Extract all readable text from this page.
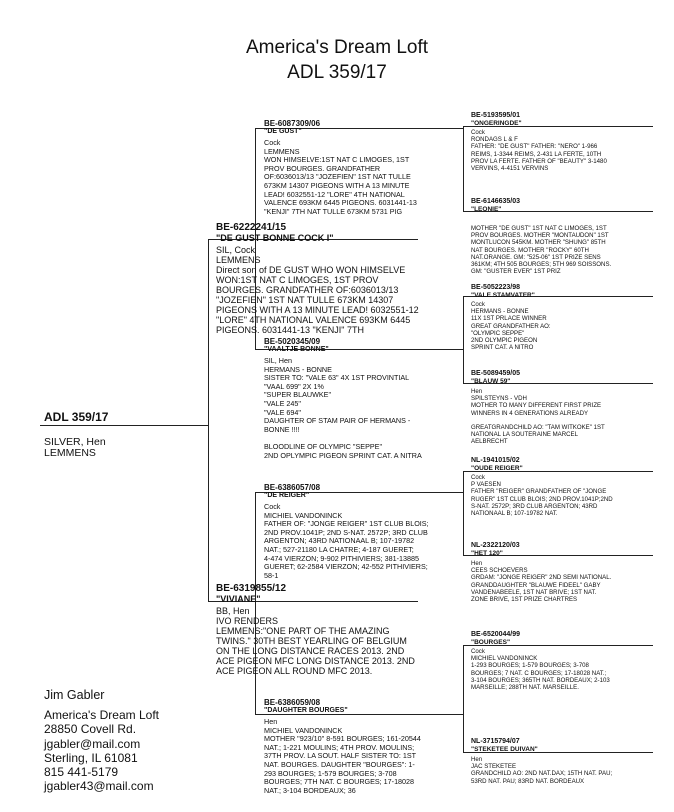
America's Dream Loft
ADL 359/17
ADL 359/17
SILVER, Hen
LEMMENS
BE-6222241/15
"DE GUST BONNE COCK I"
SIL, Cock
LEMMENS
Direct son of DE GUST WHO WON HIMSELVE
WON:1ST NAT C LIMOGES, 1ST PROV
BOURGES. GRANDFATHER OF:6036013/13
"JOZEFIEN" 1ST NAT TULLE 673KM 14307
PIGEONS WITH A 13 MINUTE LEAD! 6032551-12
"LORE" 4TH NATIONAL VALENCE 693KM 6445
PIGEONS. 6031441-13 "KENJI" 7TH
BE-6319855/12
"VIVIANE"
BB, Hen
IVO RENDERS
LEMMENS:"ONE PART OF THE AMAZING
TWINS." 30TH BEST YEARLING OF BELGIUM
ON THE LONG DISTANCE RACES 2013. 2ND
ACE PIGEON MFC LONG DISTANCE 2013. 2ND
ACE PIGEON ALL ROUND MFC 2013.
BE-6087309/06
"DE GUST"
Cock
LEMMENS
WON HIMSELVE:1ST NAT C LIMOGES, 1ST
PROV BOURGES. GRANDFATHER
OF:6036013/13 "JOZEFIEN" 1ST NAT TULLE
673KM 14307 PIGEONS WITH A 13 MINUTE
LEAD! 6032551-12 "LORE" 4TH NATIONAL
VALENCE 693KM 6445 PIGEONS. 6031441-13
"KENJI" 7TH NAT TULLE 673KM 5731 PIG
BE-5020345/09
"VAALTJE BONNE"
SIL, Hen
HERMANS - BONNE
SISTER TO: "VALE 63" 4X 1ST PROVINTIAL
"VAAL 699" 2X 1%
"SUPER BLAUWKE"
"VALE 245"
"VALE 694"
DAUGHTER OF STAM PAIR OF HERMANS -
BONNE !!!!

BLOODLINE OF OLYMPIC "SEPPE"
2ND OPLYMPIC PIGEON SPRINT CAT. A NITRA
BE-6386057/08
"DE REIGER"
Cock
MICHIEL VANDONINCK
FATHER OF: "JONGE REIGER" 1ST CLUB BLOIS;
2ND PROV.1041P; 2ND S-NAT. 2572P; 3RD CLUB
ARGENTON; 43RD NATIONAAL B; 107-19782
NAT.; 527-21180 LA CHATRE; 4-187 GUERET;
4-474 VIERZON; 9-902 PITHIVIERS; 381-13885
GUERET; 62-2584 VIERZON; 42-552 PITHIVIERS;
58-1
BE-6386059/08
"DAUGHTER BOURGES"
Hen
MICHIEL VANDONINCK
MOTHER "923/10" 8-591 BOURGES; 161-20544
NAT.; 1-221 MOULINS; 4TH PROV. MOULINS;
37TH PROV. LA SOUT. HALF SISTER TO: 1ST
NAT. BOURGES. DAUGHTER "BOURGES": 1-
293 BOURGES; 1-579 BOURGES; 3-708
BOURGES; 7TH NAT. C BOURGES; 17-18028
NAT.; 3-104 BORDEAUX; 36
BE-5193595/01
"ONGERINGDE"
Cock
RONDAGS L & F
FATHER: "DE GUST" FATHER: "NERO" 1-966
REIMS, 1-3344 REIMS, 2-431 LA FERTE, 10TH
PROV LA FERTE. FATHER OF "BEAUTY" 3-1480
VERVINS, 4-4151 VERVINS
BE-6146635/03
"LEONIE"
MOTHER "DE GUST" 1ST NAT C LIMOGES, 1ST
PROV BOURGES. MOTHER "MONTAUDON" 1ST
MONTLUCON 545KM. MOTHER "SHUNG" 85TH
NAT BOURGES. MOTHER "ROCKY" 60TH
NAT.ORANGE. GM: "525-06" 1ST PRIZE SENS
361KM; 4TH 505 BOURGES; 5TH 969 SOISSONS.
GM: "GUSTER EVER" 1ST PRIZ
BE-5052223/98
"VALE STAMVATER"
Cock
HERMANS - BONNE
11X 1ST PRLACE WINNER
GREAT GRANDFATHER AO:
"OLYMPIC SEPPE"
2ND OLYMPIC PIGEON
SPRINT CAT. A NITRO
BE-5089459/05
"BLAUW 59"
Hen
SPILSTEYNS - VDH
MOTHER TO MANY DIFFERENT FIRST PRIZE
WINNERS IN 4 GENERATIONS ALREADY

GREATGRANDCHILD AO: "TAM WITKOKE" 1ST
NATIONAL LA SOUTERAINE MARCEL
AELBRECHT
NL-1941015/02
"OUDE REIGER"
Cock
P VAESEN
FATHER "REIGER" GRANDFATHER OF "JONGE
RUGER" 1ST CLUB BLOIS; 2ND PROV.1041P;2ND
S-NAT. 2572P; 3RD CLUB ARGENTON; 43RD
NATIONAAL B; 107-19782 NAT.
NL-2322120/03
"HET 120"
Hen
CEES SCHOEVERS
GRDAM: "JONGE REIGER" 2ND SEMI NATIONAL.
GRANDDAUGHTER "BLAUWE FIDEEL" GABY
VANDENABEELE, 1ST NAT BRIVE; 1ST NAT.
ZONE BRIVE, 1ST PRIZE CHARTRES
BE-6520044/99
"BOURGES"
Cock
MICHIEL VANDONINCK
1-293 BOURGES; 1-579 BOURGES; 3-708
BOURGES; 7 NAT. C BOURGES; 17-18028 NAT.;
3-104 BOURGES; 365TH NAT. BORDEAUX; 2-103
MARSEILLE; 288TH NAT. MARSEILLE.
NL-3715794/07
"STEKETEE DUIVAN"
Hen
JAC STEKETEE
GRANDCHILD AO: 2ND NAT.DAX; 15TH NAT. PAU;
53RD NAT. PAU; 83RD NAT. BORDEAUX
Jim Gabler
America's Dream Loft
28850 Covell Rd.
jgabler@mail.com
Sterling, IL 61081
815 441-5179
jgabler43@mail.com
